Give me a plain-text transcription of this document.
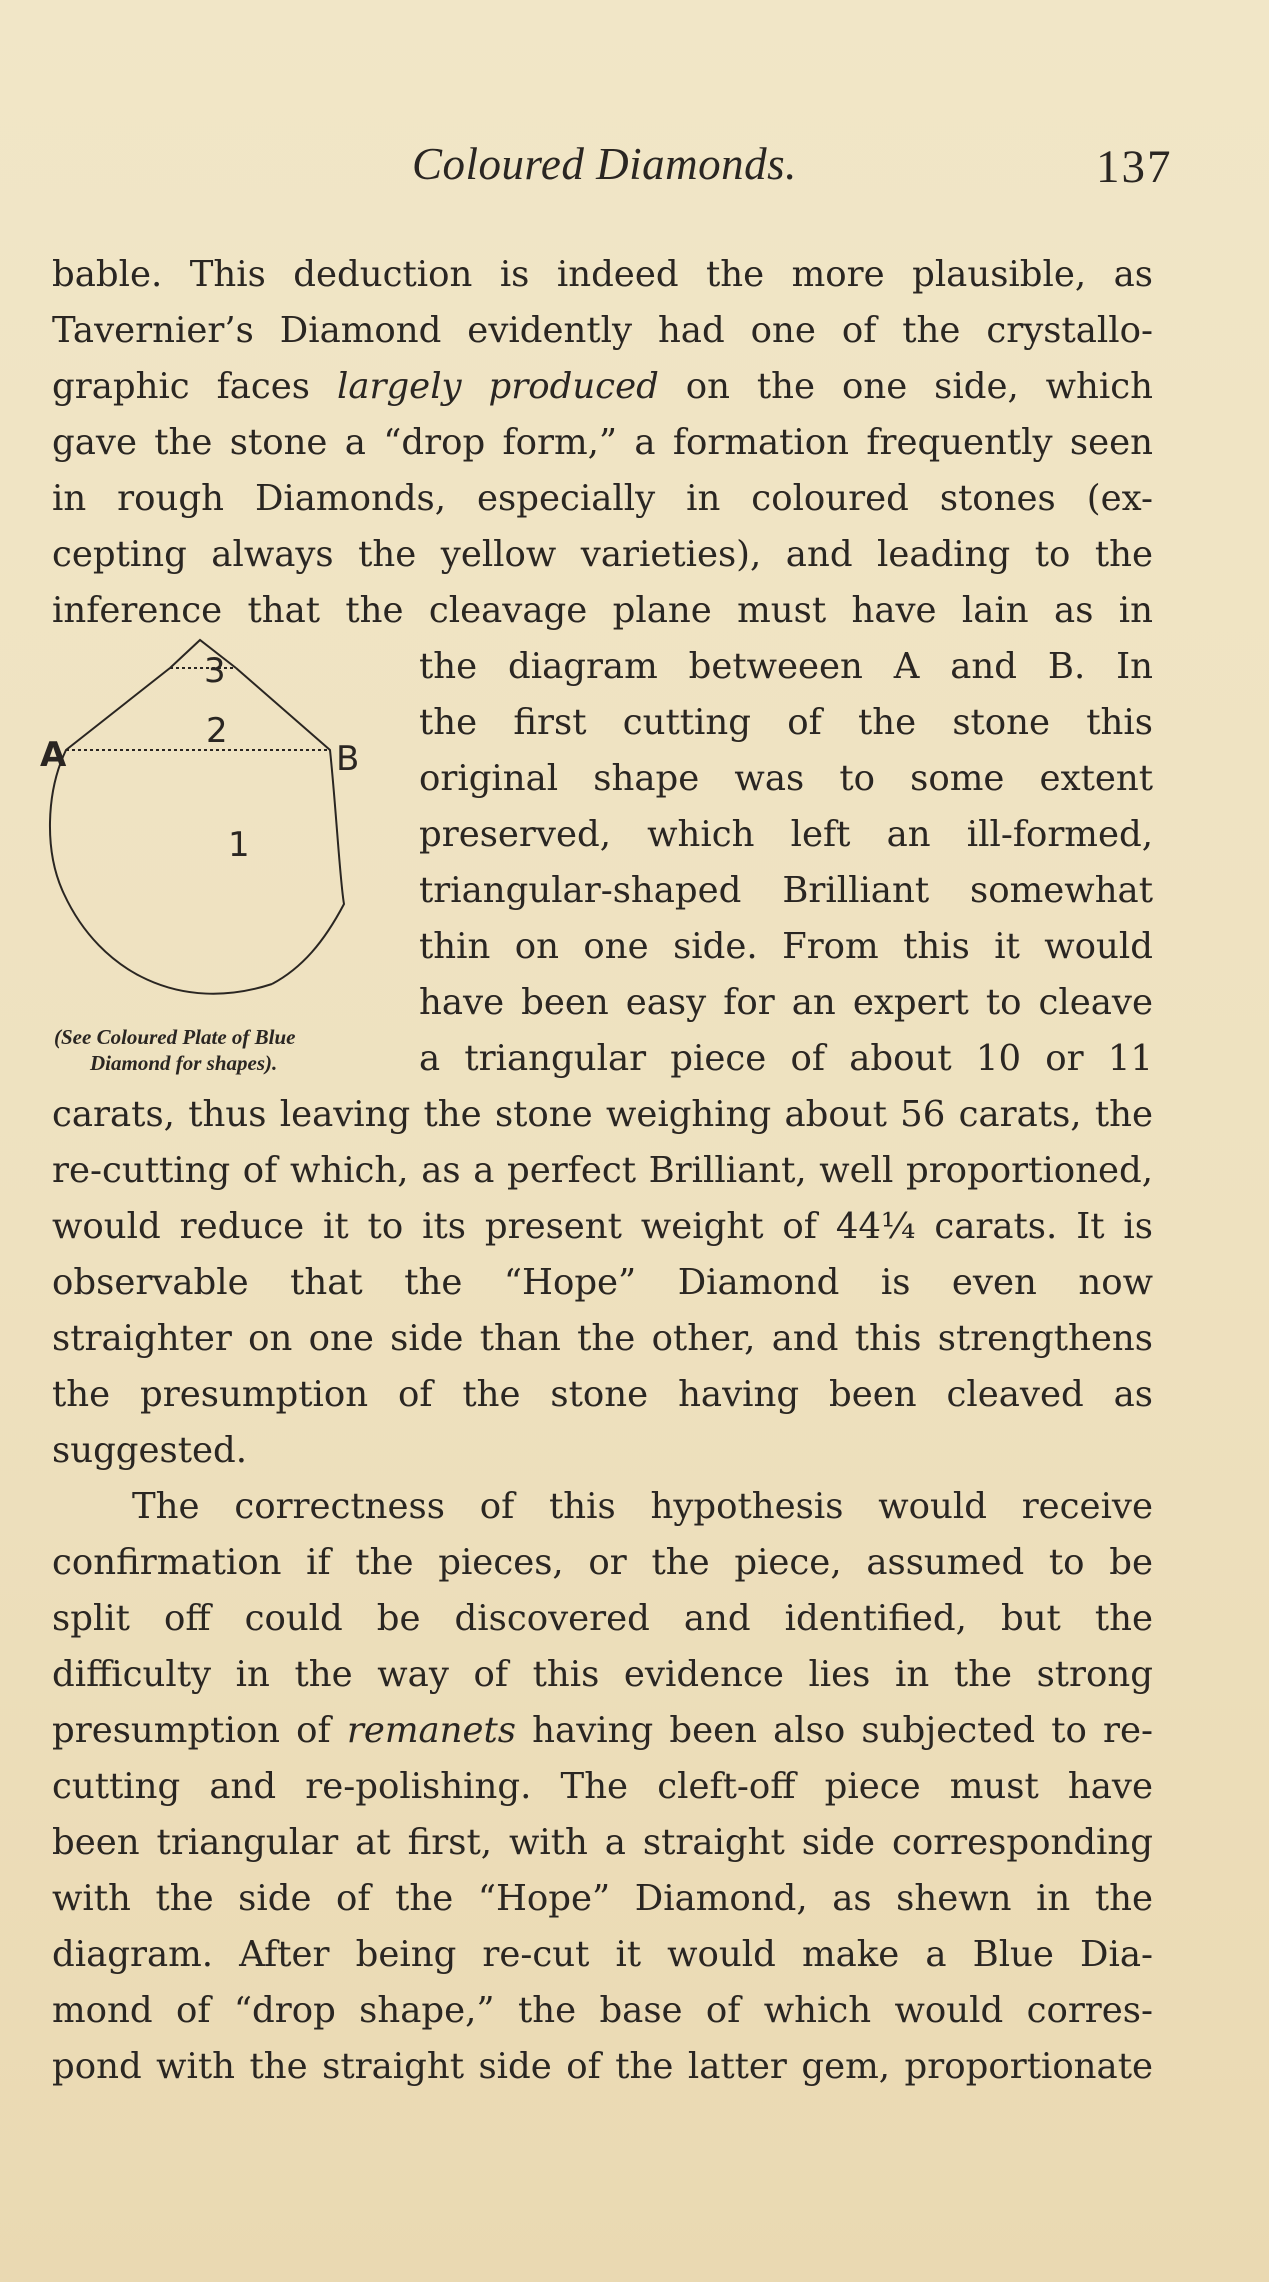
Coloured Diamonds.	137
bable. This deduction is indeed the more plausible, as
Tavernier’s Diamond evidently had one of the crystallo-
graphic faces largely produced on the one side, which
gave the stone a “drop form,” a formation frequently seen
in rough Diamonds, especially in coloured stones (ex-
cepting always the yellow varieties), and leading to the
inference that the cleavage plane must have lain as in
the diagram betweeen A and B. In
the first cutting of the stone this
original shape was to some extent
preserved, which left an ill-formed,
triangular-shaped Brilliant somewhat
thin on one side. From this it would
have been easy for an expert to cleave
a triangular piece of about 10 or 11
carats, thus leaving the stone weighing about 56 carats, the
re-cutting of which, as a perfect Brilliant, well proportioned,
would reduce it to its present weight of 44¼ carats. It is
observable that the “Hope” Diamond is even now
straighter on one side than the other, and this strengthens
the presumption of the stone having been cleaved as
suggested.
The correctness of this hypothesis would receive
confirmation if the pieces, or the piece, assumed to be
split off could be discovered and identified, but the
difficulty in the way of this evidence lies in the strong
presumption of remanets having been also subjected to re-
cutting and re-polishing. The cleft-off piece must have
been triangular at first, with a straight side corresponding
with the side of the “Hope” Diamond, as shewn in the
diagram. After being re-cut it would make a Blue Dia-
mond of “drop shape,” the base of which would corres-
pond with the straight side of the latter gem, proportionate
3
2
A	B
1
(See Coloured Plate of Blue
Diamond for shapes).
